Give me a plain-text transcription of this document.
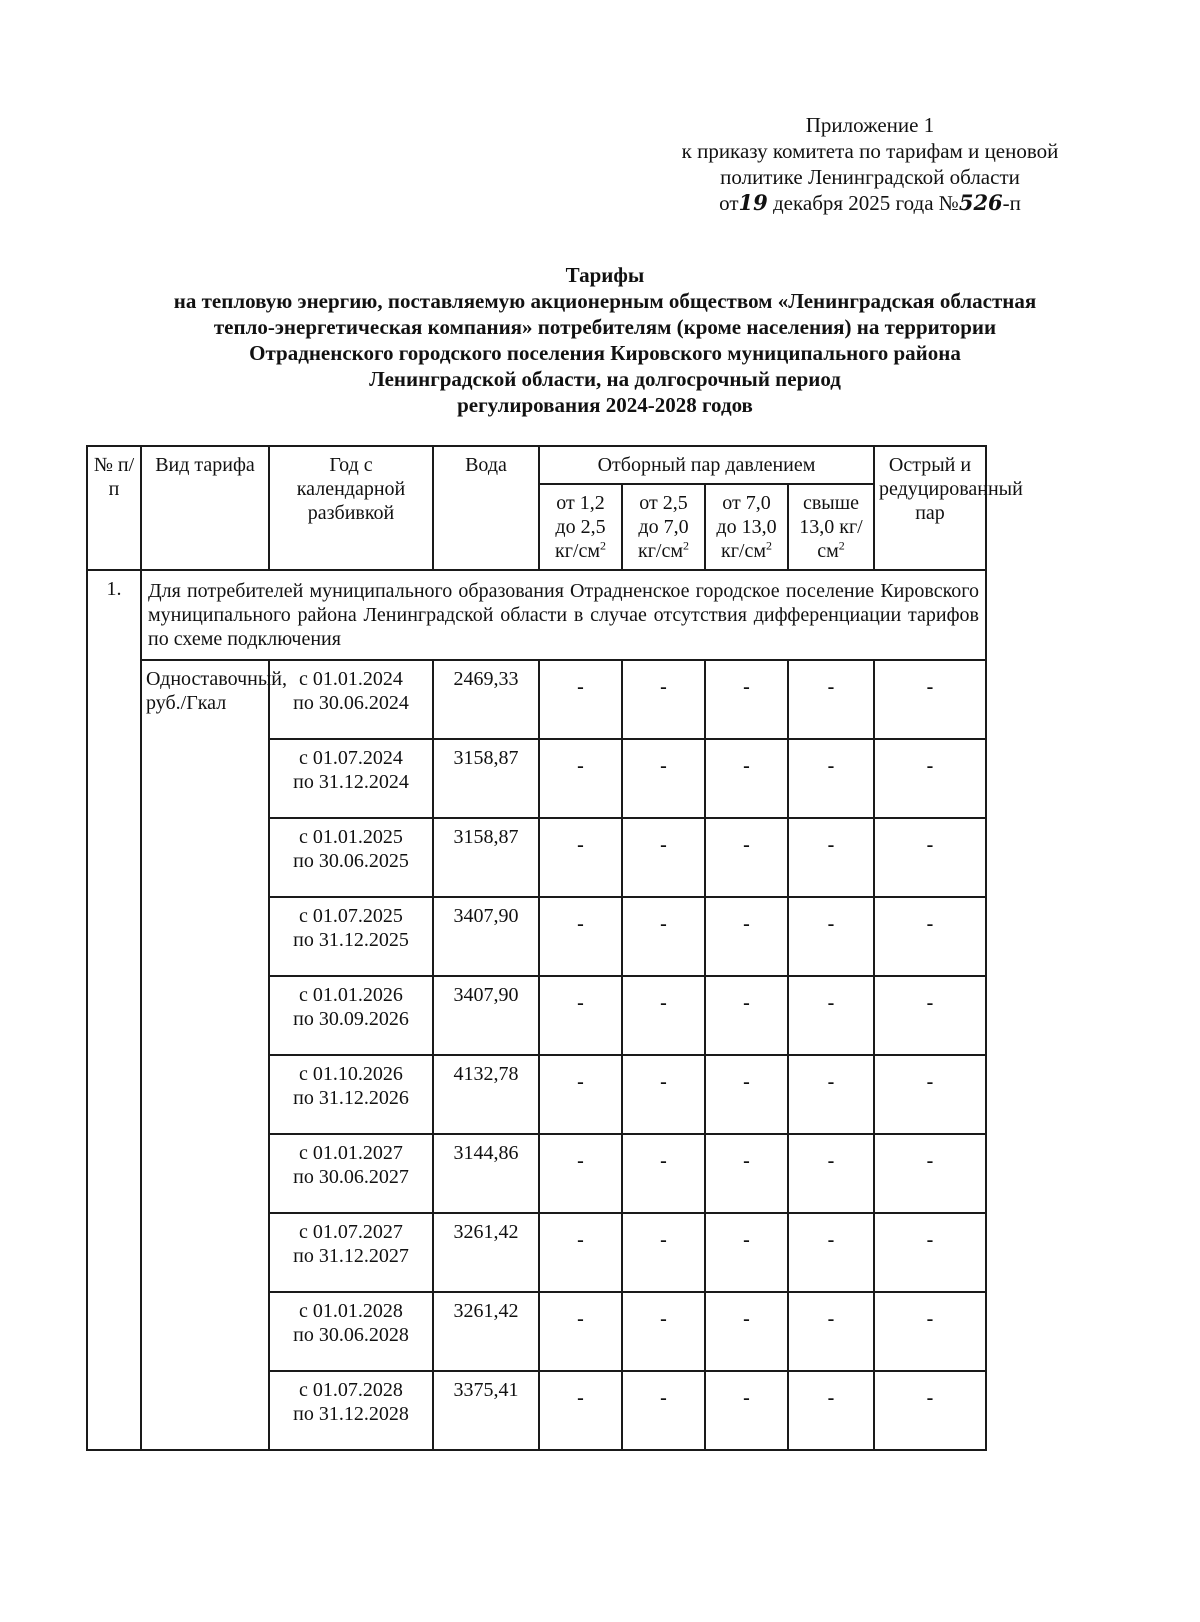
Приложение 1
к приказу комитета по тарифам и ценовой
политике Ленинградской области
от19 декабря 2025 года №526-п
Тарифы
на тепловую энергию, поставляемую акционерным обществом «Ленинградская областная
тепло-энергетическая компания» потребителям (кроме населения) на территории
Отрадненского городского поселения Кировского муниципального района
Ленинградской области, на долгосрочный период
регулирования 2024-2028 годов
№ п/п	Вид тарифа	Год с календарной разбивкой	Вода	Отборный пар давлением				Острый и редуцированный пар
				от 1,2 до 2,5 $кг/см^2$	от 2,5 до 7,0 $кг/см^2$	от 7,0 до 13,0 $кг/см^2$	свыше 13,0 $кг/см^2$
1.	Для потребителей муниципального образования Отрадненское городское поселение Кировского муниципального района Ленинградской области в случае отсутствия дифференциации тарифов по схеме подключения							
	Одноставочный, руб./Гкал	с 01.01.2024
по 30.06.2024	2469,33	-	-	-	-	-

		с 01.07.2024
по 31.12.2024	3158,87	-	-	-	-	-

		с 01.01.2025
по 30.06.2025	3158,87	-	-	-	-	-

		с 01.07.2025
по 31.12.2025	3407,90	-	-	-	-	-

		с 01.01.2026
по 30.09.2026	3407,90	-	-	-	-	-

		с 01.10.2026
по 31.12.2026	4132,78	-	-	-	-	-

		с 01.01.2027
по 30.06.2027	3144,86	-	-	-	-	-

		с 01.07.2027
по 31.12.2027	3261,42	-	-	-	-	-

		с 01.01.2028
по 30.06.2028	3261,42	-	-	-	-	-

		с 01.07.2028
по 31.12.2028	3375,41	-	-	-	-	-
